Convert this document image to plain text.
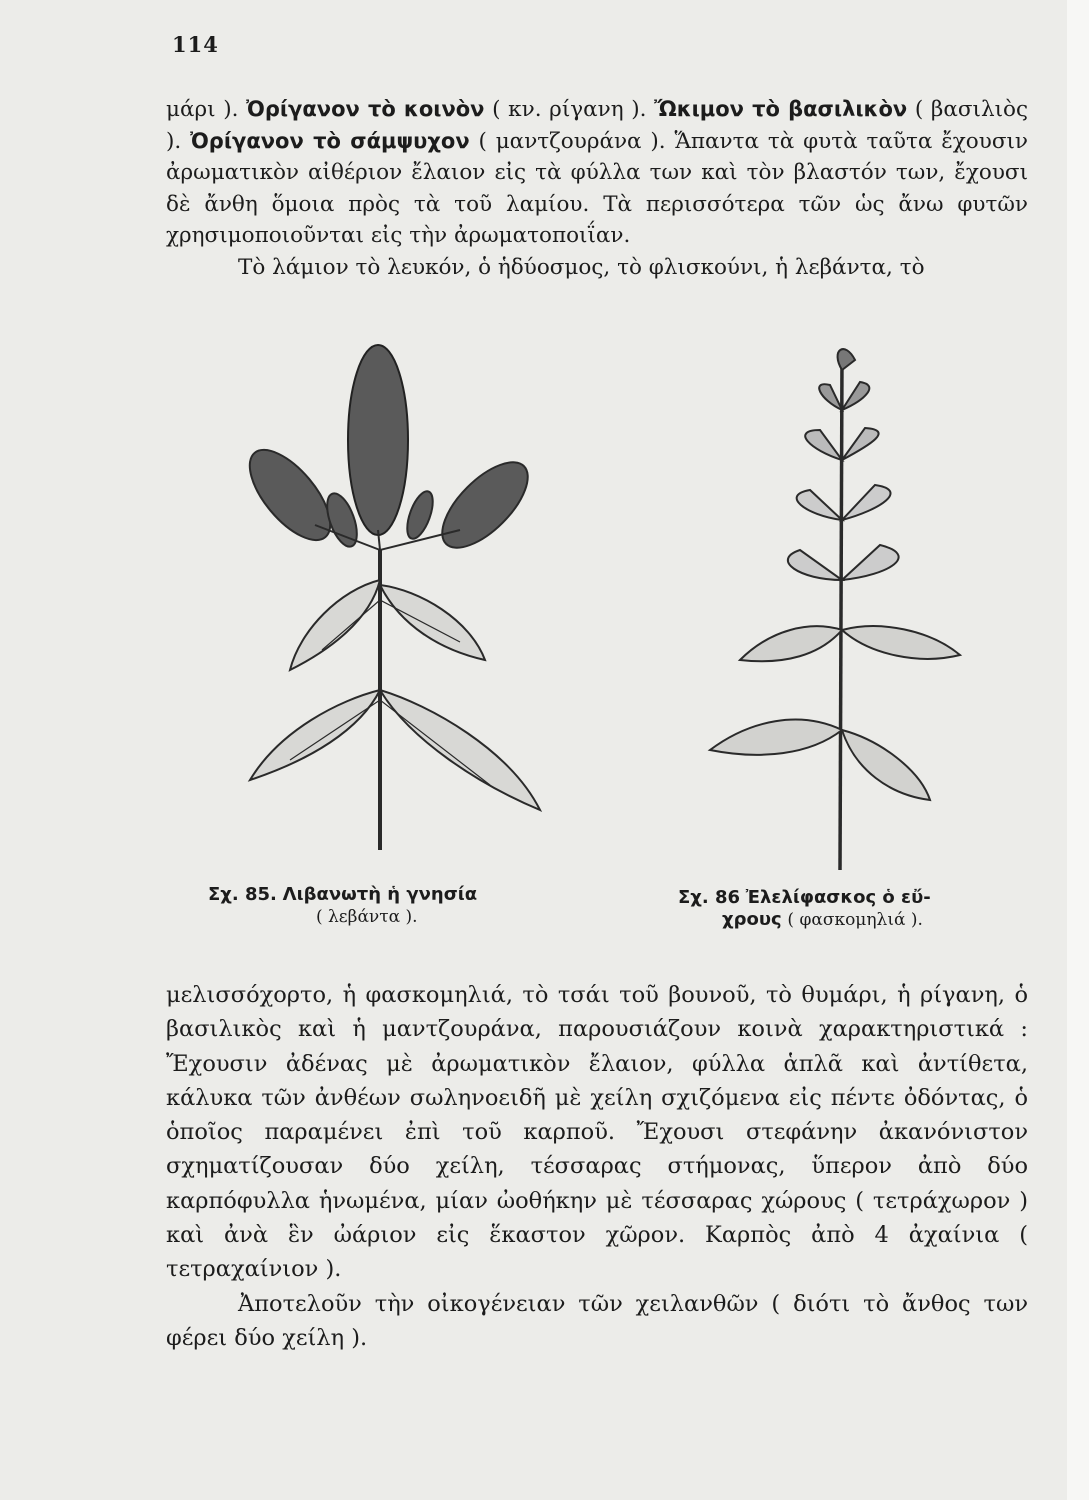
114

μάρι ). Ὀρίγανον τὸ κοινὸν ( κν. ρίγανη ). Ὤκιμον τὸ βασιλικὸν ( βασιλιὸς ). Ὀρίγανον τὸ σάμψυχον ( μαντζουράνα ). Ἅπαντα τὰ φυτὰ ταῦτα ἔχουσιν ἀρωματικὸν αἰθέριον ἔλαιον εἰς τὰ φύλλα των καὶ τὸν βλαστόν των, ἔχουσι δὲ ἄνθη ὅμοια πρὸς τὰ τοῦ λαμίου. Τὰ περισσότερα τῶν ὡς ἄνω φυτῶν χρησιμοποιοῦνται εἰς τὴν ἀρωματοποιΐαν.

Τὸ λάμιον τὸ λευκόν, ὁ ἡδύοσμος, τὸ φλισκούνι, ἡ λεβάντα, τὸ

Σχ. 85. Λιβανωτὴ ἡ γνησία
( λεβάντα ).
Σχ. 86 Ἐλελίφασκος ὁ εὔ-
χρους ( φασκομηλιά ).

μελισσόχορτο, ἡ φασκομηλιά, τὸ τσάι τοῦ βουνοῦ, τὸ θυμάρι, ἡ ρίγανη, ὁ βασιλικὸς καὶ ἡ μαντζουράνα, παρουσιάζουν κοινὰ χαρακτηριστικά : Ἔχουσιν ἀδένας μὲ ἀρωματικὸν ἔλαιον, φύλλα ἁπλᾶ καὶ ἀντίθετα, κάλυκα τῶν ἀνθέων σωληνοειδῆ μὲ χείλη σχιζόμενα εἰς πέντε ὀδόντας, ὁ ὁποῖος παραμένει ἐπὶ τοῦ καρποῦ. Ἔχουσι στεφάνην ἀκανόνιστον σχηματίζουσαν δύο χείλη, τέσσαρας στήμονας, ὕπερον ἀπὸ δύο καρπόφυλλα ἡνωμένα, μίαν ὠοθήκην μὲ τέσσαρας χώρους ( τετράχωρον ) καὶ ἀνὰ ἓν ὠάριον εἰς ἕκαστον χῶρον. Καρπὸς ἀπὸ 4 ἀχαίνια ( τετραχαίνιον ).

Ἀποτελοῦν τὴν οἰκογένειαν τῶν χειλανθῶν ( διότι τὸ ἄνθος των φέρει δύο χείλη ).
